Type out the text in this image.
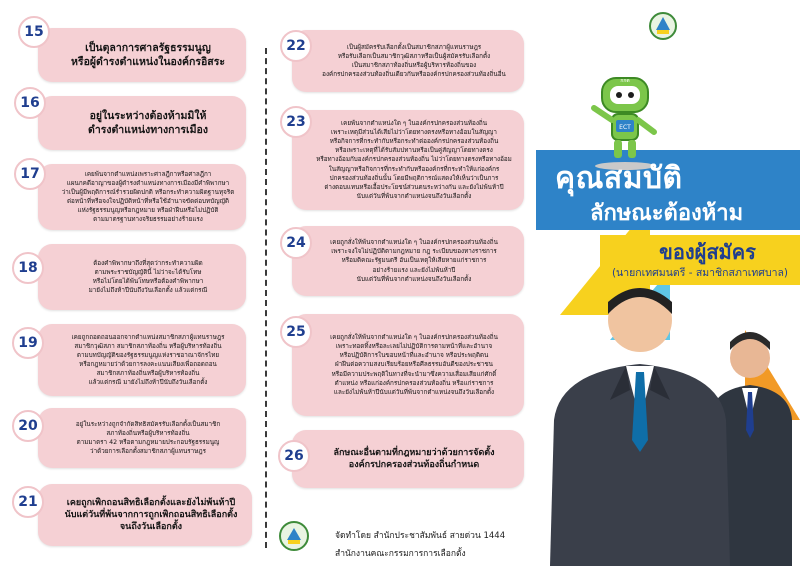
เป็นตุลาการศาลรัฐธรรมนูญ
หรือผู้ดำรงตำแหน่งในองค์กรอิสระ
15
อยู่ในระหว่างต้องห้ามมิให้
ดำรงตำแหน่งทางการเมือง
16
เคยพ้นจากตำแหน่งเพราะศาลฎีกาหรือศาลฎีกา
แผนกคดีอาญาของผู้ดำรงตำแหน่งทางการเมืองมีคำพิพากษา
ว่าเป็นผู้มีพฤติการณ์ร่ำรวยผิดปกติ หรือกระทำความผิดฐานทุจริต
ต่อหน้าที่หรือจงใจปฏิบัติหน้าที่หรือใช้อำนาจขัดต่อบทบัญญัติ
แห่งรัฐธรรมนูญหรือกฎหมาย หรือฝ่าฝืนหรือไม่ปฏิบัติ
ตามมาตรฐานทางจริยธรรมอย่างร้ายแรง
17
ต้องคำพิพากษาถึงที่สุดว่ากระทำความผิด
ตามพระราชบัญญัตินี้ ไม่ว่าจะได้รับโทษ
หรือไม่โดยได้พ้นโทษหรือต้องคำพิพากษา
มายังไม่ถึงห้าปีนับถึงวันเลือกตั้ง แล้วแต่กรณี
18
เคยถูกถอดถอนออกจากตำแหน่งสมาชิกสภาผู้แทนราษฎร
สมาชิกวุฒิสภา สมาชิกสภาท้องถิ่น หรือผู้บริหารท้องถิ่น
ตามบทบัญญัติของรัฐธรรมนูญแห่งราชอาณาจักรไทย
หรือกฎหมายว่าด้วยการลงคะแนนเสียงเพื่อถอดถอน
สมาชิกสภาท้องถิ่นหรือผู้บริหารท้องถิ่น
แล้วแต่กรณี มายังไม่ถึงห้าปีนับถึงวันเลือกตั้ง
19
อยู่ในระหว่างถูกจำกัดสิทธิสมัครรับเลือกตั้งเป็นสมาชิก
สภาท้องถิ่นหรือผู้บริหารท้องถิ่น
ตามมาตรา 42 หรือตามกฎหมายประกอบรัฐธรรมนูญ
ว่าด้วยการเลือกตั้งสมาชิกสภาผู้แทนราษฎร
20
เคยถูกเพิกถอนสิทธิเลือกตั้งและยังไม่พ้นห้าปี
นับแต่วันที่พ้นจากการถูกเพิกถอนสิทธิเลือกตั้ง
จนถึงวันเลือกตั้ง
21
เป็นผู้สมัครรับเลือกตั้งเป็นสมาชิกสภาผู้แทนราษฎร
หรือรับเลือกเป็นสมาชิกวุฒิสภาหรือเป็นผู้สมัครรับเลือกตั้ง
เป็นสมาชิกสภาท้องถิ่นหรือผู้บริหารท้องถิ่นของ
องค์กรปกครองส่วนท้องถิ่นเดียวกันหรือองค์กรปกครองส่วนท้องถิ่นอื่น
22
เคยพ้นจากตำแหน่งใด ๆ ในองค์กรปกครองส่วนท้องถิ่น
เพราะเหตุมีส่วนได้เสียไม่ว่าโดยทางตรงหรือทางอ้อมในสัญญา
หรือกิจการที่กระทำกับหรือกระทำต่อองค์กรปกครองส่วนท้องถิ่น
หรือเพราะเหตุที่ได้รับสัมปทานหรือเป็นคู่สัญญาโดยทางตรง
หรือทางอ้อมกับองค์กรปกครองส่วนท้องถิ่น ไม่ว่าโดยทางตรงหรือทางอ้อม
ในสัญญาหรือกิจการที่กระทำกับหรือองค์กรที่กระทำให้แก่องค์กร
ปกครองส่วนท้องถิ่นนั้น โดยมีพฤติการณ์แสดงให้เห็นว่าเป็นการ
ต่างตอบแทนหรือเอื้อประโยชน์ส่วนตนระหว่างกัน และยังไม่พ้นห้าปี
นับแต่วันที่พ้นจากตำแหน่งจนถึงวันเลือกตั้ง
23
เคยถูกสั่งให้พ้นจากตำแหน่งใด ๆ ในองค์กรปกครองส่วนท้องถิ่น
เพราะจงใจไม่ปฏิบัติตามกฎหมาย กฎ ระเบียบของทางราชการ
หรือมติคณะรัฐมนตรี อันเป็นเหตุให้เสียหายแก่ราชการ
อย่างร้ายแรง และยังไม่พ้นห้าปี
นับแต่วันที่พ้นจากตำแหน่งจนถึงวันเลือกตั้ง
24
เคยถูกสั่งให้พ้นจากตำแหน่งใด ๆ ในองค์กรปกครองส่วนท้องถิ่น
เพราะทอดทิ้งหรือละเลยไม่ปฏิบัติการตามหน้าที่และอำนาจ
หรือปฏิบัติการในขอบหน้าที่และอำนาจ หรือประพฤติตน
ฝ่าฝืนต่อความสงบเรียบร้อยหรือศีลธรรมอันดีของประชาชน
หรือมีความประพฤติในทางที่จะนำมาซึ่งความเสื่อมเสียแก่ศักดิ์
ตำแหน่ง หรือแก่องค์กรปกครองส่วนท้องถิ่น หรือแก่ราชการ
และยังไม่พ้นห้าปีนับแต่วันที่พ้นจากตำแหน่งจนถึงวันเลือกตั้ง
25
ลักษณะอื่นตามที่กฎหมายว่าด้วยการจัดตั้ง
องค์กรปกครองส่วนท้องถิ่นกำหนด
26
จัดทำโดย สำนักประชาสัมพันธ์ สายด่วน 1444
สำนักงานคณะกรรมการการเลือกตั้ง
ECT
กกต
คุณสมบัติ
ลักษณะต้องห้าม
ของผู้สมัคร
(นายกเทศมนตรี - สมาชิกสภาเทศบาล)
